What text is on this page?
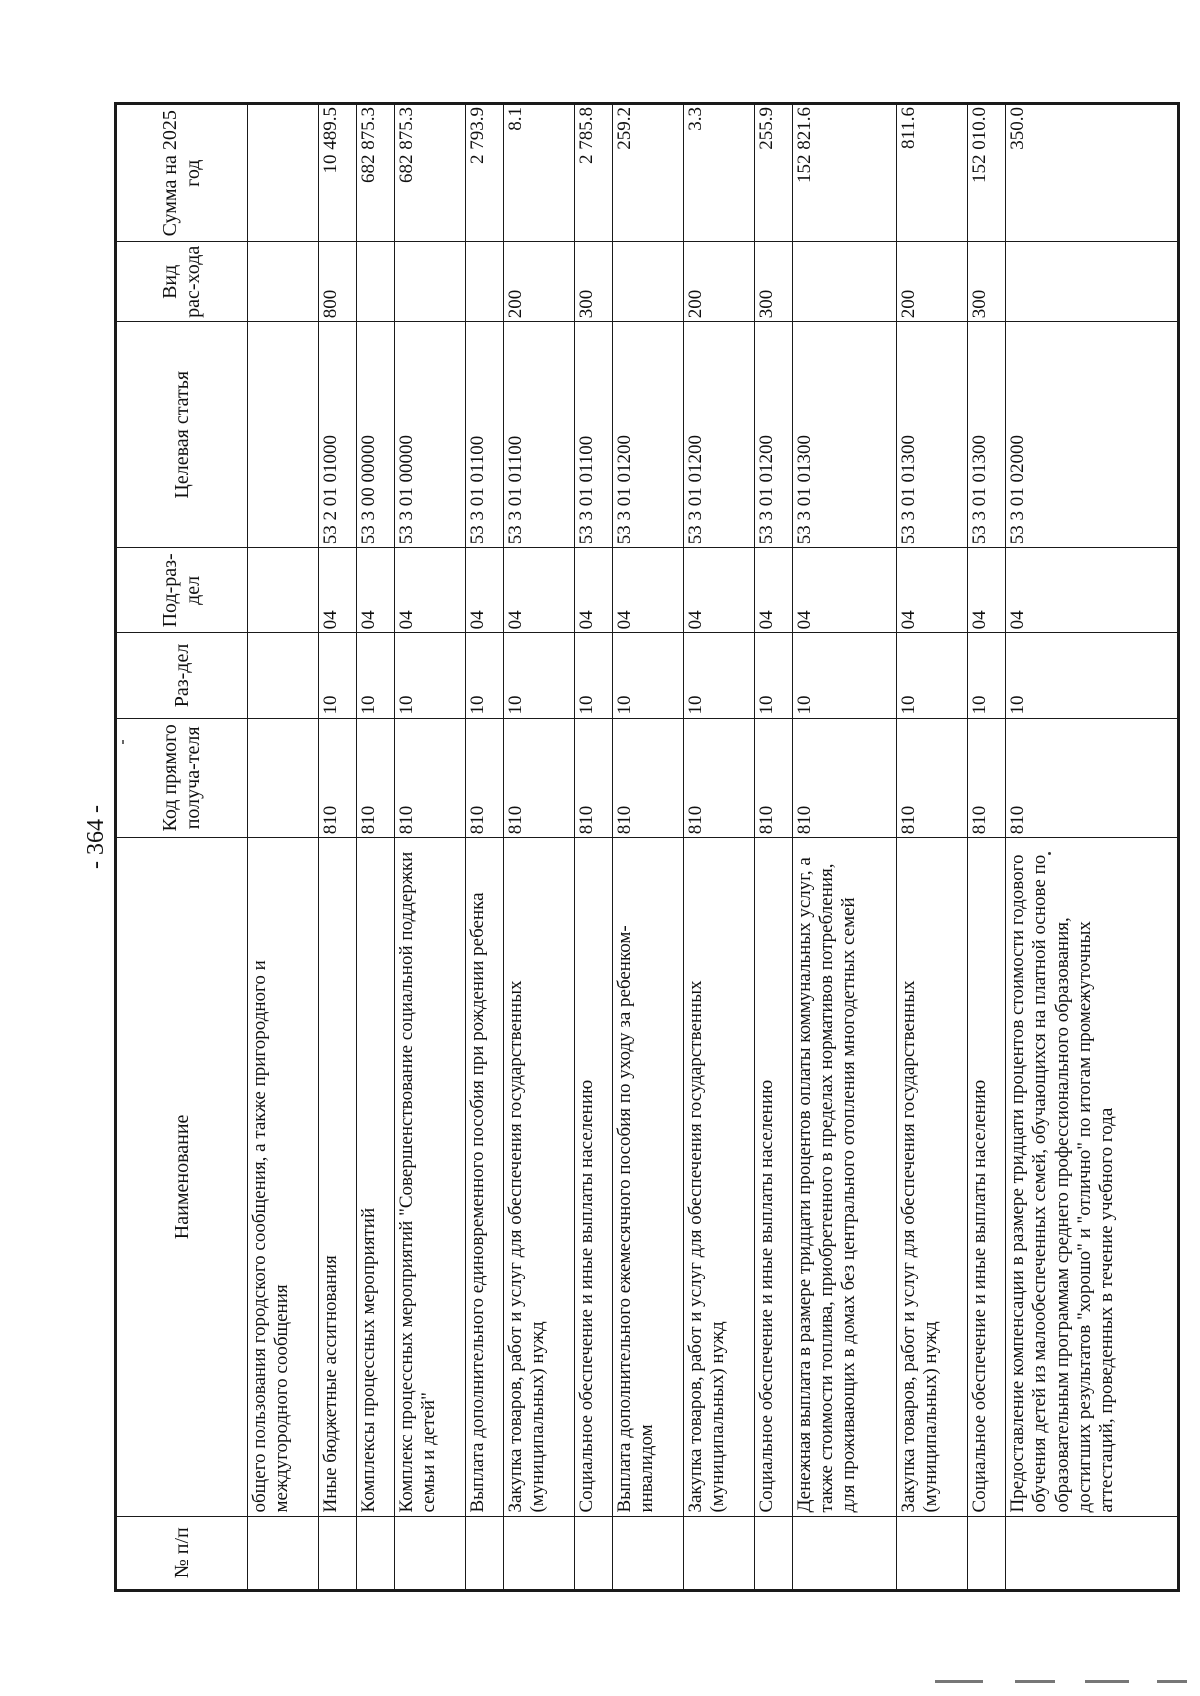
- 364 -
№ п/п	Наименование	Код прямого получа-теля	Раз-дел	Под-раз-дел	Целевая статья	Вид рас-хода	Сумма на 2025 год
	общего пользования городского сообщения, а также пригородного и междугородного сообщения						
	Иные бюджетные ассигнования	810	10	04	53 2 01 01000	800	10 489.5
	Комплексы процессных мероприятий	810	10	04	53 3 00 00000		682 875.3
	Комплекс процессных мероприятий "Совершенствование социальной поддержки семьи и детей"	810	10	04	53 3 01 00000		682 875.3
	Выплата дополнительного единовременного пособия при рождении ребенка	810	10	04	53 3 01 01100		2 793.9
	Закупка товаров, работ и услуг для обеспечения государственных (муниципальных) нужд	810	10	04	53 3 01 01100	200	8.1
	Социальное обеспечение и иные выплаты населению	810	10	04	53 3 01 01100	300	2 785.8
	Выплата дополнительного ежемесячного пособия по уходу за ребенком-инвалидом	810	10	04	53 3 01 01200		259.2
	Закупка товаров, работ и услуг для обеспечения государственных (муниципальных) нужд	810	10	04	53 3 01 01200	200	3.3
	Социальное обеспечение и иные выплаты населению	810	10	04	53 3 01 01200	300	255.9
	Денежная выплата в размере тридцати процентов оплаты коммунальных услуг, а также стоимости топлива, приобретенного в пределах нормативов потребления, для проживающих в домах без центрального отопления многодетных семей	810	10	04	53 3 01 01300		152 821.6
	Закупка товаров, работ и услуг для обеспечения государственных (муниципальных) нужд	810	10	04	53 3 01 01300	200	811.6
	Социальное обеспечение и иные выплаты населению	810	10	04	53 3 01 01300	300	152 010.0
	Предоставление компенсации в размере тридцати процентов стоимости годового обучения детей из малообеспеченных семей, обучающихся на платной основе по образовательным программам среднего профессионального образования, достигших результатов "хорошо" и "отлично" по итогам промежуточных аттестаций, проведенных в течение учебного года	810	10	04	53 3 01 02000		350.0
